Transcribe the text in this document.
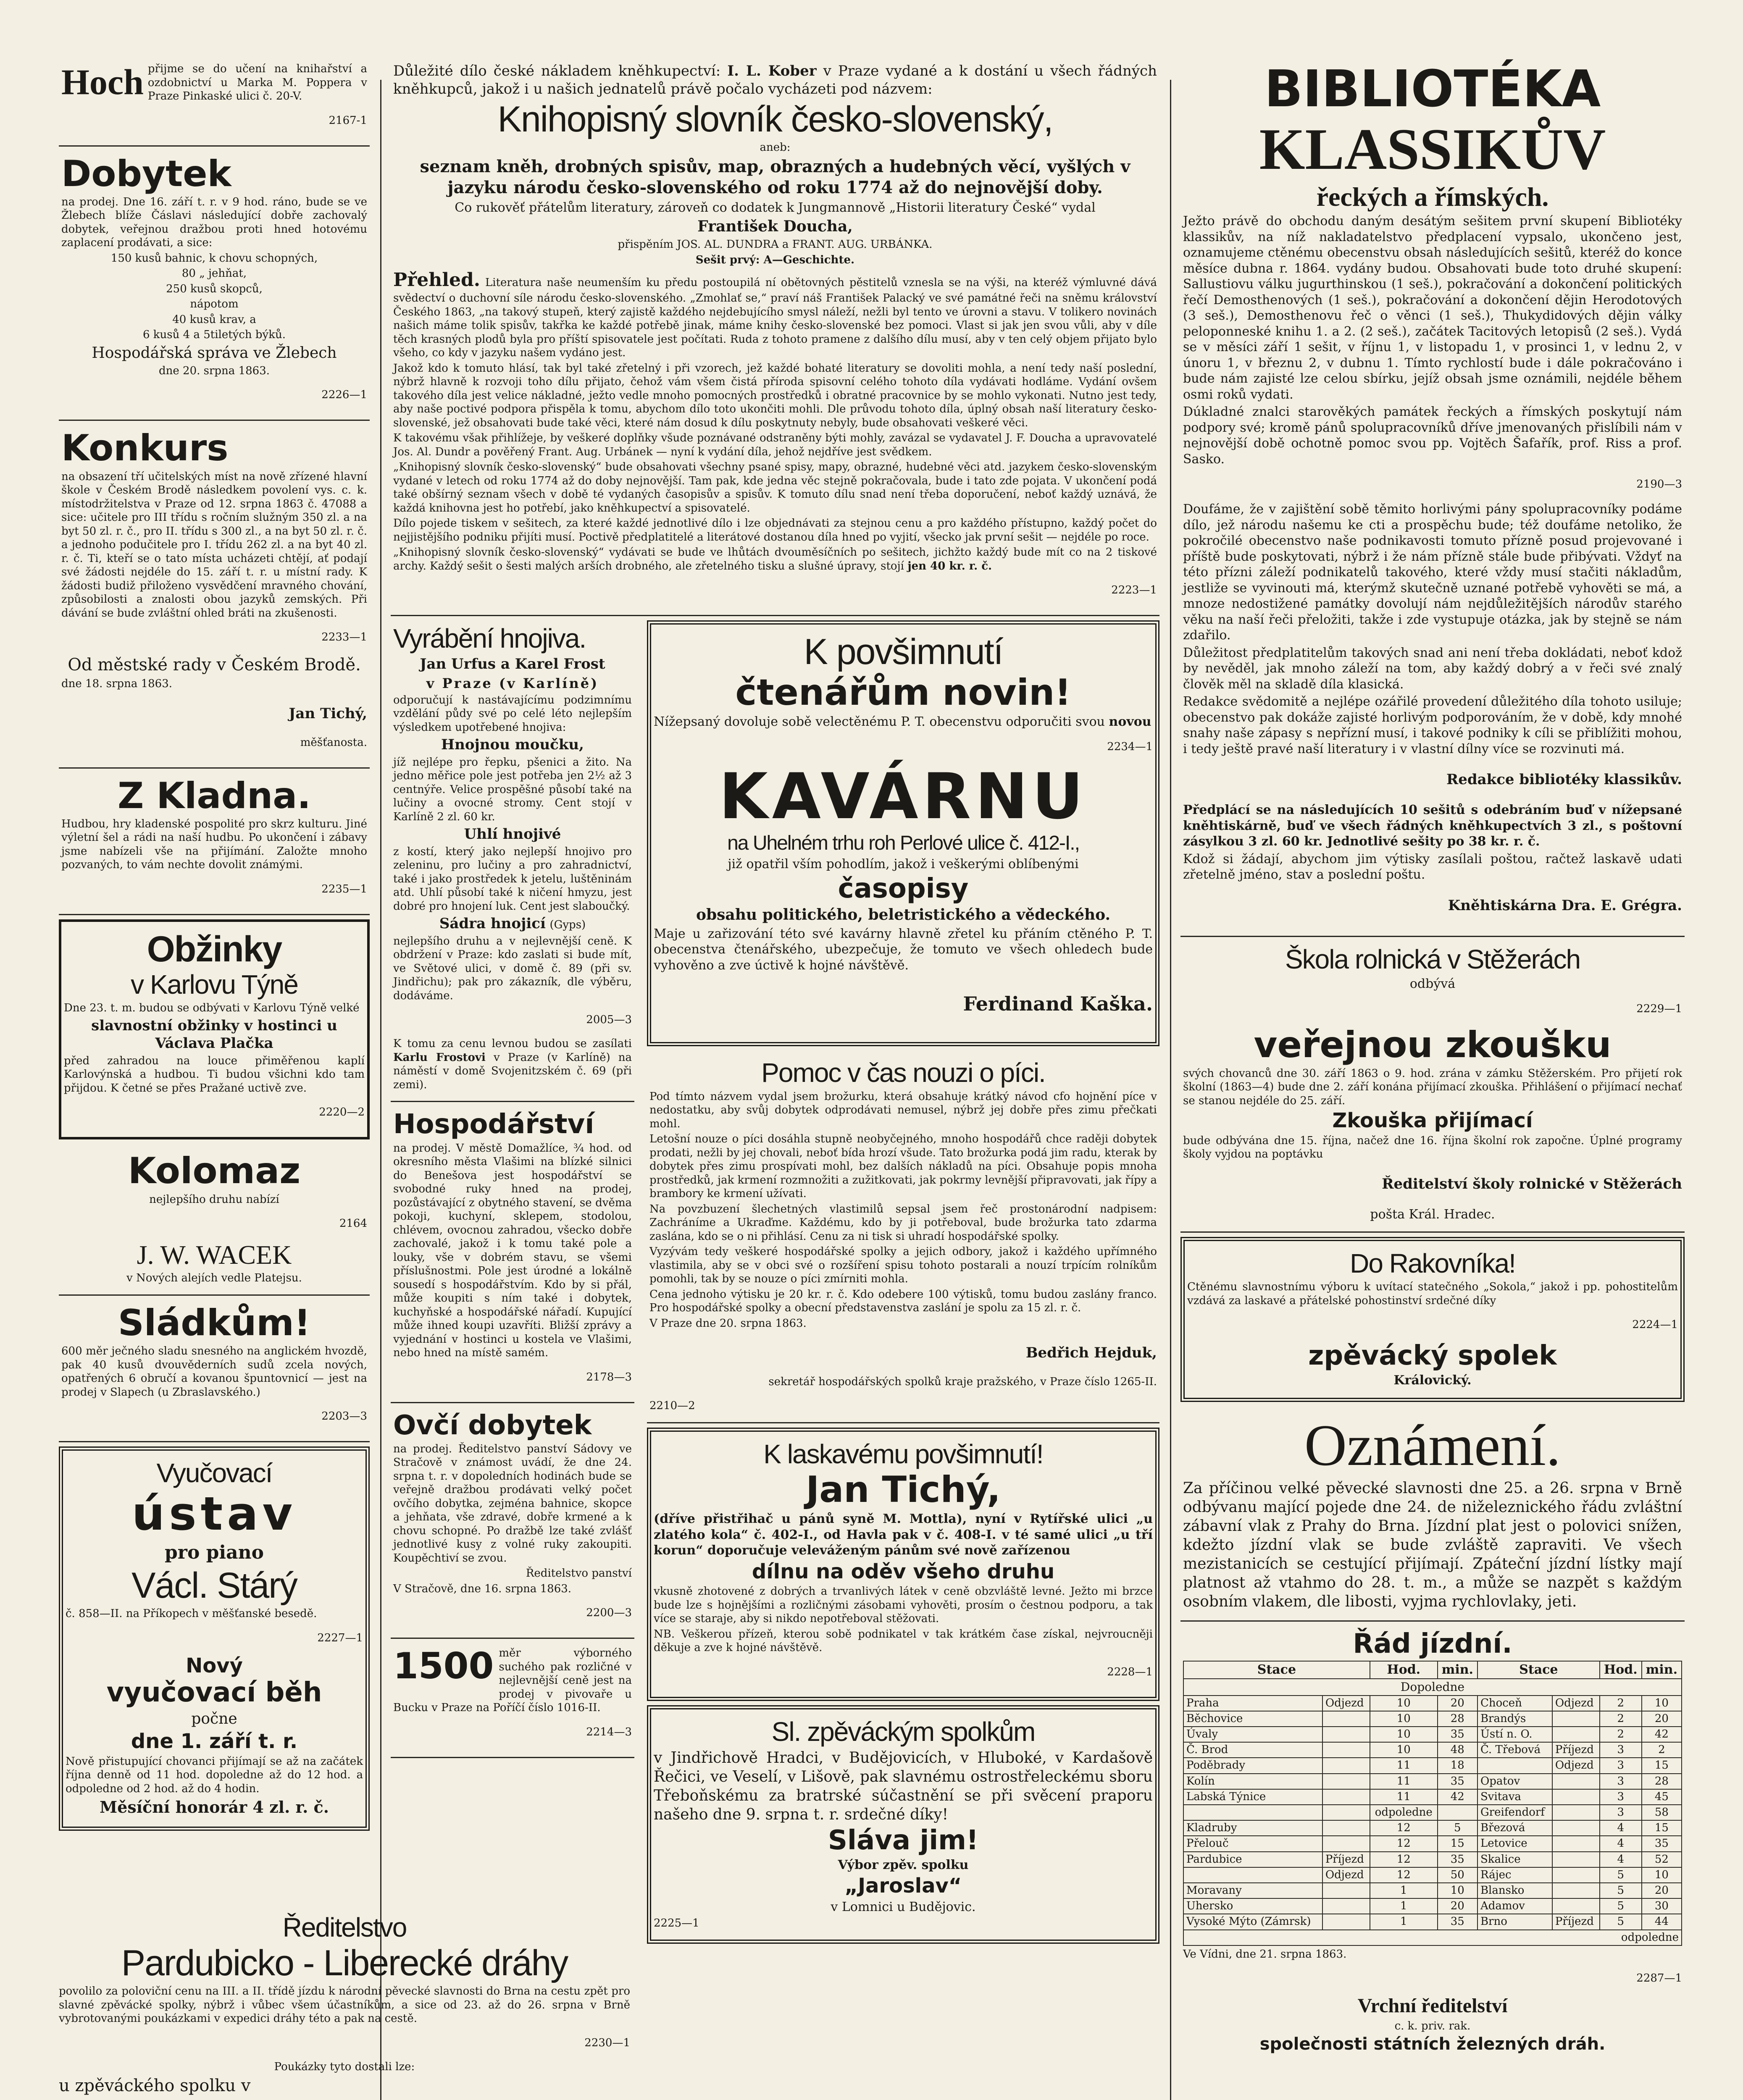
Hoch přijme se do učení na knihařství a ozdobnictví u Marka M. Poppera v Praze Pinkaské ulici č. 20-V.

2167-1

Dobytek

na prodej. Dne 16. září t. r. v 9 hod. ráno, bude se ve Žlebech blíže Čáslavi následující dobře zachovalý dobytek, veřejnou dražbou proti hned hotovému zaplacení prodávati, a sice:

150 kusů bahnic, k chovu schopných,

80 „ jehňat,

250 kusů skopců,

nápotom

40 kusů krav, a

6 kusů 4 a 5tiletých býků.

Hospodářská správa ve Žlebech

dne 20. srpna 1863.

2226—1

Konkurs

na obsazení tří učitelských míst na nově zřízené hlavní škole v Českém Brodě následkem povolení vys. c. k. místodržitelstva v Praze od 12. srpna 1863 č. 47088 a sice: učitele pro III třídu s ročním služným 350 zl. a na byt 50 zl. r. č., pro II. třídu s 300 zl., a na byt 50 zl. r. č. a jednoho podučitele pro I. třídu 262 zl. a na byt 40 zl. r. č. Ti, kteří se o tato místa ucházeti chtějí, ať podají své žádosti nejdéle do 15. září t. r. u místní rady. K žádosti budiž přiloženo vysvědčení mravného chování, způsobilosti a znalosti obou jazyků zemských. Při dávání se bude zvláštní ohled bráti na zkušenosti.

2233—1

Od městské rady v Českém Brodě.

dne 18. srpna 1863.

Jan Tichý,

měšťanosta.

Z Kladna.

Hudbou, hry kladenské pospolité pro skrz kulturu. Jiné výletní šel a rádi na naší hudbu. Po ukončení i zábavy jsme nabízeli vše na přijímání. Založte mnoho pozvaných, to vám nechte dovolit známými.

2235—1

Obžinky
v Karlovu Týně

Dne 23. t. m. budou se odbývati v Karlovu Týně velké

slavnostní obžinky v hostinci u Václava Plačka

před zahradou na louce přiměřenou kaplí Karlovýnská a hudbou. Ti budou všichni kdo tam přijdou. K četné se přes Pražané uctivě zve.

2220—2

Kolomaz

nejlepšího druhu nabízí

2164

J. W. WACEK

v Nových alejích vedle Platejsu.

Sládkům!

600 měr ječného sladu snesného na anglickém hvozdě, pak 40 kusů dvouvěderních sudů zcela nových, opatřených 6 obručí a kovanou špuntovnicí — jest na prodej v Slapech (u Zbraslavského.)

2203—3

Vyučovací
ústav

pro piano

Václ. Stárý

č. 858—II. na Příkopech v měšťanské besedě.

2227—1

Nový
vyučovací běh

počne

dne 1. září t. r.

Nově přistupující chovanci přijímají se až na začátek října denně od 11 hod. dopoledne až do 12 hod. a odpoledne od 2 hod. až do 4 hodin.

Měsíční honorár 4 zl. r. č.

Důležité dílo české nákladem kněhkupectví: I. L. Kober v Praze vydané a k dostání u všech řádných kněhkupců, jakož i u našich jednatelů právě počalo vycházeti pod názvem:

Knihopisný slovník česko-slovenský,

aneb:

seznam kněh, drobných spisův, map, obrazných a hudebných věcí, vyšlých v jazyku národu česko-slovenského od roku 1774 až do nejnovější doby.

Co rukověť přátelům literatury, zároveň co dodatek k Jungmannově „Historii literatury České“ vydal

František Doucha,

přispěním JOS. AL. DUNDRA a FRANT. AUG. URBÁNKA.

Sešit prvý: A—Geschichte.

Přehled. Literatura naše neumenším ku předu postoupilá ní obětovných pěstitelů vznesla se na výši, na kteréž výmluvné dává svědectví o duchovní síle národu česko-slovenského. „Zmohlať se,“ praví náš František Palacký ve své památné řeči na sněmu království Českého 1863, „na takový stupeň, který zajistě každého nejdebujícího smysl náleží, nežli byl tento ve úrovni a stavu. V tolikero novinách našich máme tolik spisův, takřka ke každé potřebě jinak, máme knihy česko-slovenské bez pomoci. Vlast si jak jen svou vůli, aby v díle těch krasných plodů byla pro příští spisovatele jest počítati. Ruda z tohoto pramene z dalšího dílu musí, aby v ten celý objem přijato bylo všeho, co kdy v jazyku našem vydáno jest.

Jakož kdo k tomuto hlásí, tak byl také zřetelný i při vzorech, jež každé bohaté literatury se dovoliti mohla, a není tedy naší poslední, nýbrž hlavně k rozvoji toho dílu přijato, čehož vám všem čistá příroda spisovní celého tohoto díla vydávati hodláme. Vydání ovšem takového díla jest velice nákladné, ježto vedle mnoho pomocných prostředků i obratné pracovnice by se mohlo vykonati. Nutno jest tedy, aby naše poctivé podpora přispěla k tomu, abychom dílo toto ukončiti mohli. Dle průvodu tohoto díla, úplný obsah naší literatury česko-slovenské, jež obsahovati bude také věci, které nám dosud k dílu poskytnuty nebyly, bude obsahovati veškeré věci.

K takovému však přihlížeje, by veškeré doplňky všude poznávané odstraněny býti mohly, zavázal se vydavatel J. F. Doucha a upravovatelé Jos. Al. Dundr a pověřený Frant. Aug. Urbánek — nyní k vydání díla, jehož nejdříve jest svědkem.

„Knihopisný slovník česko-slovenský“ bude obsahovati všechny psané spisy, mapy, obrazné, hudebné věci atd. jazykem česko-slovenským vydané v letech od roku 1774 až do doby nejnovější. Tam pak, kde jedna věc stejně pokračovala, bude i tato zde pojata. V ukončení podá také obšírný seznam všech v době té vydaných časopisův a spisův. K tomuto dílu snad není třeba doporučení, neboť každý uznává, že každá knihovna jest ho potřebí, jako kněhkupectví a spisovatelé.

Dílo pojede tiskem v sešitech, za které každé jednotlivé dílo i lze objednávati za stejnou cenu a pro každého přístupno, každý počet do nejjistějšího podniku přijíti musí. Poctivě předplatitelé a literátové dostanou díla hned po vyjití, všecko jak první sešit — nejdéle po roce.

„Knihopisný slovník česko-slovenský“ vydávati se bude ve lhůtách dvouměsíčních po sešitech, jichžto každý bude mít co na 2 tiskové archy. Každý sešit o šesti malých arších drobného, ale zřetelného tisku a slušné úpravy, stojí jen 40 kr. r. č.

2223—1

Vyrábění hnojiva.

Jan Urfus a Karel Frost

v Praze (v Karlíně)

odporučují k nastávajícímu podzimnímu vzdělání půdy své po celé léto nejlepším výsledkem upotřebené hnojiva:

Hnojnou moučku,

jíž nejlépe pro řepku, pšenici a žito. Na jedno měřice pole jest potřeba jen 2½ až 3 centnýře. Velice prospěšné působí také na lučiny a ovocné stromy. Cent stojí v Karlíně 2 zl. 60 kr.

Uhlí hnojivé

z kostí, který jako nejlepší hnojivo pro zeleninu, pro lučiny a pro zahradnictví, také i jako prostředek k jetelu, luštěninám atd. Uhlí působí také k ničení hmyzu, jest dobré pro hnojení luk. Cent jest slaboučký.

Sádra hnojicí (Gyps)

nejlepšího druhu a v nejlevnější ceně. K obdržení v Praze: kdo zaslati si bude mít, ve Světové ulici, v domě č. 89 (při sv. Jindřichu); pak pro zákazník, dle výběru, dodáváme.

2005—3

K tomu za cenu levnou budou se zasílati Karlu Frostovi v Praze (v Karlíně) na náměstí v domě Svojenitzském č. 69 (při zemi).

Hospodářství

na prodej. V městě Domažlíce, ¾ hod. od okresního města Vlašimi na blízké silnici do Benešova jest hospodářství se svobodné ruky hned na prodej, pozůstávající z obytného stavení, se dvěma pokoji, kuchyní, sklepem, stodolou, chlévem, ovocnou zahradou, všecko dobře zachovalé, jakož i k tomu také pole a louky, vše v dobrém stavu, se všemi příslušnostmi. Pole jest úrodné a lokálně sousedí s hospodářstvím. Kdo by si přál, může koupiti s ním také i dobytek, kuchyňské a hospodářské nářadí. Kupující může ihned koupi uzavříti. Bližší zprávy a vyjednání v hostinci u kostela ve Vlašimi, nebo hned na místě samém.

2178—3

Ovčí dobytek

na prodej. Ředitelstvo panství Sádovy ve Stračově v známost uvádí, že dne 24. srpna t. r. v dopoledních hodinách bude se veřejně dražbou prodávati velký počet ovčího dobytka, zejména bahnice, skopce a jehňata, vše zdravé, dobře krmené a k chovu schopné. Po dražbě lze také zvlášť jednotlivé kusy z volné ruky zakoupiti. Koupěchtiví se zvou.

Ředitelstvo panství

V Stračově, dne 16. srpna 1863.

2200—3

1500 měr výborného suchého pak rozličné v nejlevnější ceně jest na prodej v pivovaře u Bucku v Praze na Poříčí číslo 1016-II.

2214—3

K povšimnutí
čtenářům novin!

Nížepsaný dovoluje sobě velectěnému P. T. obecenstvu odporučiti svou novou

2234—1

KAVÁRNU
na Uhelném trhu roh Perlové ulice č. 412-I.,

již opatřil vším pohodlím, jakož i veškerými oblíbenými

časopisy

obsahu politického, beletristického a vědeckého.

Maje u zařizování této své kavárny hlavně zřetel ku přáním ctěného P. T. obecenstva čtenářského, ubezpečuje, že tomuto ve všech ohledech bude vyhověno a zve úctivě k hojné návštěvě.

Ferdinand Kaška.

Pomoc v čas nouzi o píci.

Pod tímto názvem vydal jsem brožurku, která obsahuje krátký návod cfo hojnění píce v nedostatku, aby svůj dobytek odprodávati nemusel, nýbrž jej dobře přes zimu přečkati mohl.

Letošní nouze o píci dosáhla stupně neobyčejného, mnoho hospodářů chce raději dobytek prodati, nežli by jej chovali, neboť bída hrozí všude. Tato brožurka podá jim radu, kterak by dobytek přes zimu prospívati mohl, bez dalších nákladů na píci. Obsahuje popis mnoha prostředků, jak krmení rozmnožiti a zužitkovati, jak pokrmy levnější připravovati, jak řípy a brambory ke krmení užívati.

Na povzbuzení šlechetných vlastimilů sepsal jsem řeč prostonárodní nadpisem: Zachráníme a Ukraďme. Každému, kdo by ji potřeboval, bude brožurka tato zdarma zaslána, kdo se o ni přihlásí. Cenu za ni tisk si uhradí hospodářské spolky.

Vyzývám tedy veškeré hospodářské spolky a jejich odbory, jakož i každého upřímného vlastimila, aby se v obci své o rozšíření spisu tohoto postarali a nouzí trpícím rolníkům pomohli, tak by se nouze o píci zmírniti mohla.

Cena jednoho výtisku je 20 kr. r. č. Kdo odebere 100 výtisků, tomu budou zaslány franco. Pro hospodářské spolky a obecní představenstva zaslání je spolu za 15 zl. r. č.

V Praze dne 20. srpna 1863.

Bedřich Hejduk,

sekretář hospodářských spolků kraje pražského, v Praze číslo 1265-II.

2210—2

K laskavému povšimnutí!
Jan Tichý,

(dříve přistřihač u pánů syně M. Mottla), nyní v Rytířské ulici „u zlatého kola“ č. 402-I., od Havla pak v č. 408-I. v té samé ulici „u tří korun“ doporučuje veleváženým pánům své nově zařízenou

dílnu na oděv všeho druhu

vkusně zhotovené z dobrých a trvanlivých látek v ceně obzvláště levné. Ježto mi brzce bude lze s hojnějšími a rozličnými zásobami vyhověti, prosím o čestnou podporu, a tak více se staraje, aby si nikdo nepotřeboval stěžovati.

NB. Veškerou přízeň, kterou sobě podnikatel v tak krátkém čase získal, nejvroucněji děkuje a zve k hojné návštěvě.

2228—1

Sl. zpěváckým spolkům

v Jindřichově Hradci, v Budějovicích, v Hluboké, v Kardašově Řečici, ve Veselí, v Lišově, pak slavnému ostrostřeleckému sboru Třeboňskému za bratrské súčastnění se při svěcení praporu našeho dne 9. srpna t. r. srdečné díky!

Sláva jim!

Výbor zpěv. spolku

„Jaroslav“

v Lomnici u Budějovic.

2225—1

BIBLIOTÉKA
KLASSIKŮV
řeckých a římských.

Ježto právě do obchodu daným desátým sešitem první skupení Bibliotéky klassikův, na níž nakladatelstvo předplacení vypsalo, ukončeno jest, oznamujeme ctěnému obecenstvu obsah následujících sešitů, kteréž do konce měsíce dubna r. 1864. vydány budou. Obsahovati bude toto druhé skupení: Sallustiovu válku jugurthinskou (1 seš.), pokračování a dokončení politických řečí Demosthenových (1 seš.), pokračování a dokončení dějin Herodotových (3 seš.), Demosthenovu řeč o věnci (1 seš.), Thukydidových dějin války peloponneské knihu 1. a 2. (2 seš.), začátek Tacitových letopisů (2 seš.). Vydá se v měsíci září 1 sešit, v říjnu 1, v listopadu 1, v prosinci 1, v lednu 2, v únoru 1, v březnu 2, v dubnu 1. Tímto rychlostí bude i dále pokračováno i bude nám zajisté lze celou sbírku, jejíž obsah jsme oznámili, nejdéle během osmi roků vydati.

Dúkladné znalci starověkých památek řeckých a římských poskytují nám podpory své; kromě pánů spolupracovníků dříve jmenovaných přislíbili nám v nejnovější době ochotně pomoc svou pp. Vojtěch Šafařík, prof. Riss a prof. Sasko.

2190—3

Doufáme, že v zajištění sobě těmito horlivými pány spolupracovníky podáme dílo, jež národu našemu ke cti a prospěchu bude; též doufáme netoliko, že pokročilé obecenstvo naše podnikavosti tomuto přízně posud projevované i příště bude poskytovati, nýbrž i že nám přízně stále bude přibývati. Vždyť na této přízni záleží podnikatelů takového, které vždy musí stačiti nákladům, jestliže se vyvinouti má, kterýmž skutečně uznané potřebě vyhověti se má, a mnoze nedostižené památky dovolují nám nejdůležitějších národův starého věku na naší řeči přeložiti, takže i zde vystupuje otázka, jak by stejně se nám zdařilo.

Důležitost předplatitelům takových snad ani není třeba dokládati, neboť kdož by nevěděl, jak mnoho záleží na tom, aby každý dobrý a v řeči své znalý člověk měl na skladě díla klasická.

Redakce svědomitě a nejlépe ozářilé provedení důležitého díla tohoto usiluje; obecenstvo pak dokáže zajisté horlivým podporováním, že v době, kdy mnohé snahy naše zápasy s nepřízní musí, i takové podniky k cíli se přiblížiti mohou, i tedy ještě pravé naší literatury i v vlastní dílny více se rozvinuti má.

Redakce bibliotéky klassikův.

Předplácí se na následujících 10 sešitů s odebráním buď v nížepsané kněhtiskárně, buď ve všech řádných kněhkupectvích 3 zl., s poštovní zásylkou 3 zl. 60 kr. Jednotlivé sešity po 38 kr. r. č.

Kdož si žádají, abychom jim výtisky zasílali poštou, račtež laskavě udati zřetelně jméno, stav a poslední poštu.

Kněhtiskárna Dra. E. Grégra.

Škola rolnická v Stěžerách

odbývá

2229—1

veřejnou zkoušku

svých chovanců dne 30. září 1863 o 9. hod. zrána v zámku Stěžerském. Pro přijetí rok školní (1863—4) bude dne 2. září konána přijímací zkouška. Přihlášení o přijímací nechať se stanou nejdéle do 25. září.

Zkouška přijímací

bude odbývána dne 15. října, načež dne 16. října školní rok započne. Úplné programy školy vyjdou na poptávku

Ředitelství školy rolnické v Stěžerách

pošta Král. Hradec.

Do Rakovníka!

Ctěnému slavnostnímu výboru k uvítací statečného „Sokola,“ jakož i pp. pohostitelům vzdává za laskavé a přátelské pohostinství srdečné díky

2224—1

zpěvácký spolek

Královický.

Oznámení.

Za příčinou velké pěvecké slavnosti dne 25. a 26. srpna v Brně odbývanu mající pojede dne 24. de niželeznického řádu zvláštní zábavní vlak z Prahy do Brna. Jízdní plat jest o polovici snížen, kdežto jízdní vlak se bude zvláště zapraviti. Ve všech mezistanicích se cestující přijímají. Zpáteční jízdní lístky mají platnost až vtahmo do 28. t. m., a může se nazpět s každým osobním vlakem, dle libosti, vyjma rychlovlaky, jeti.

Řád jízdní.
Stace		Hod.	min.	Stace		Hod.	min.
Dopoledne							
Praha	Odjezd	10	20	Choceň	Odjezd	2	10
Běchovice		10	28	Brandýs		2	20
Úvaly		10	35	Ústí n. O.		2	42
Č. Brod		10	48	Č. Třebová	Příjezd	3	2
Poděbrady		11	18		Odjezd	3	15
Kolín		11	35	Opatov		3	28
Labská Týnice		11	42	Svitava		3	45
		odpoledne		Greifendorf		3	58
Kladruby		12	5	Březová		4	15
Přelouč		12	15	Letovice		4	35
Pardubice	Příjezd	12	35	Skalice		4	52
	Odjezd	12	50	Rájec		5	10
Moravany		1	10	Blansko		5	20
Uhersko		1	20	Adamov		5	30
Vysoké Mýto (Zámrsk)		1	35	Brno	Příjezd	5	44
odpoledne							

Ve Vídni, dne 21. srpna 1863.

2287—1

Vrchní ředitelství

c. k. priv. rak.

společnosti státních železných dráh.
Ředitelstvo
Pardubicko - Liberecké dráhy

povolilo za poloviční cenu na III. a II. třídě jízdu k národní pěvecké slavnosti do Brna na cestu zpět pro slavné zpěvácké spolky, nýbrž i vůbec všem účastníkům, a sice od 23. až do 26. srpna v Brně vybrotovanými poukázkami v expedici dráhy této a pak na cestě.

2230—1

Poukázky tyto dostali lze:

u zpěváckého spolku v
